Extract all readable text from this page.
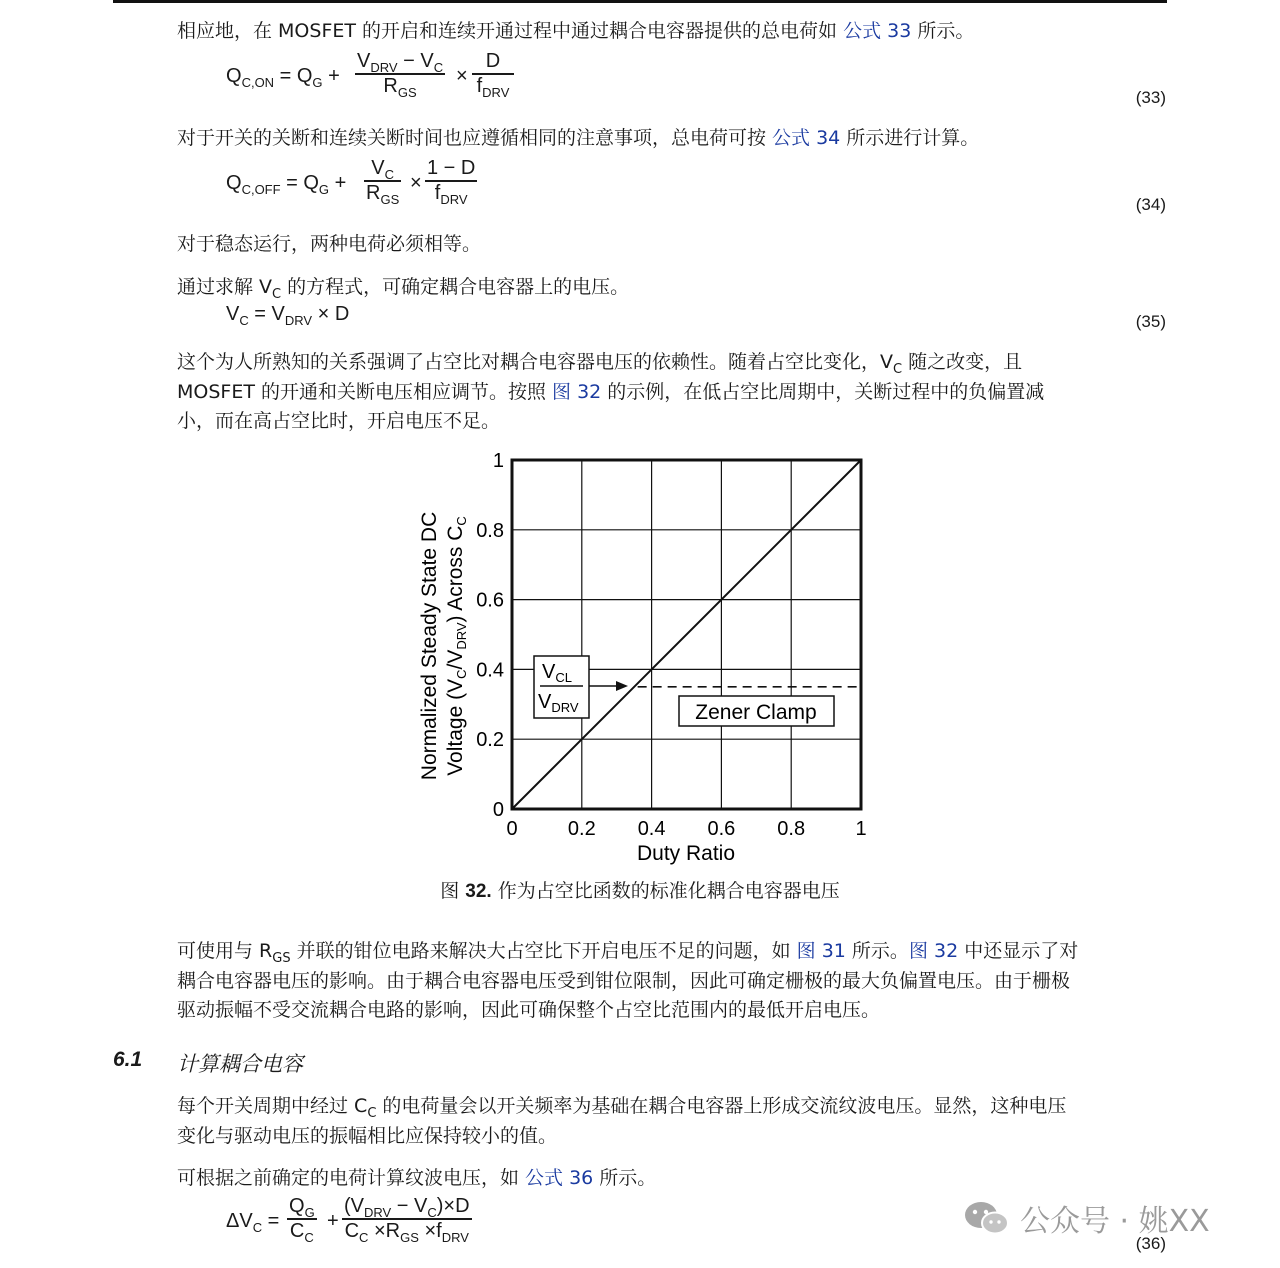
相应地，在 MOSFET 的开启和连续开通过程中通过耦合电容器提供的总电荷如 公式 33 所示。
$Q_{C,ON} = Q_G$ +
$V_{DRV} - V_C$
$R_{GS}$
×
D
$f_{DRV}$	(33)
对于开关的关断和连续关断时间也应遵循相同的注意事项，总电荷可按 公式 34 所示进行计算。
$Q_{C,OFF} = Q_G$ +
$V_C$
$R_{GS}$
×
1 − D
$f_{DRV}$	(34)
对于稳态运行，两种电荷必须相等。
通过求解 $V_C$ 的方程式，可确定耦合电容器上的电压。
$V_C = V_{DRV} \times D$	(35)
这个为人所熟知的关系强调了占空比对耦合电容器电压的依赖性。随着占空比变化，$V_C$ 随之改变，且
MOSFET 的开通和关断电压相应调节。按照 图 32 的示例，在低占空比周期中，关断过程中的负偏置减
小，而在高占空比时，开启电压不足。
0	0.2 0.4 0.6 0.8	1
0
0.2
0.4
0.6
0.8
1
$V_{CL}$
$V_{DRV}$	Zener Clamp
Duty Ratio
Normalized Steady State DC Voltage (VC/VDRV) Across CC
图 32. 作为占空比函数的标准化耦合电容器电压
可使用与 $R_{GS}$ 并联的钳位电路来解决大占空比下开启电压不足的问题，如 图 31 所示。图 32 中还显示了对
耦合电容器电压的影响。由于耦合电容器电压受到钳位限制，因此可确定栅极的最大负偏置电压。由于栅极
驱动振幅不受交流耦合电路的影响，因此可确保整个占空比范围内的最低开启电压。
6.1 计算耦合电容
每个开关周期中经过 $C_C$ 的电荷量会以开关频率为基础在耦合电容器上形成交流纹波电压。显然，这种电压
变化与驱动电压的振幅相比应保持较小的值。
可根据之前确定的电荷计算纹波电压，如 公式 36 所示。
$\Delta V_C$ =
$Q_G$
$C_C$
+
$(V_{DRV} - V_C)\times D$
$C_C \times R_{GS} \times f_{DRV}$	(36)
公众号 · 姚XX
